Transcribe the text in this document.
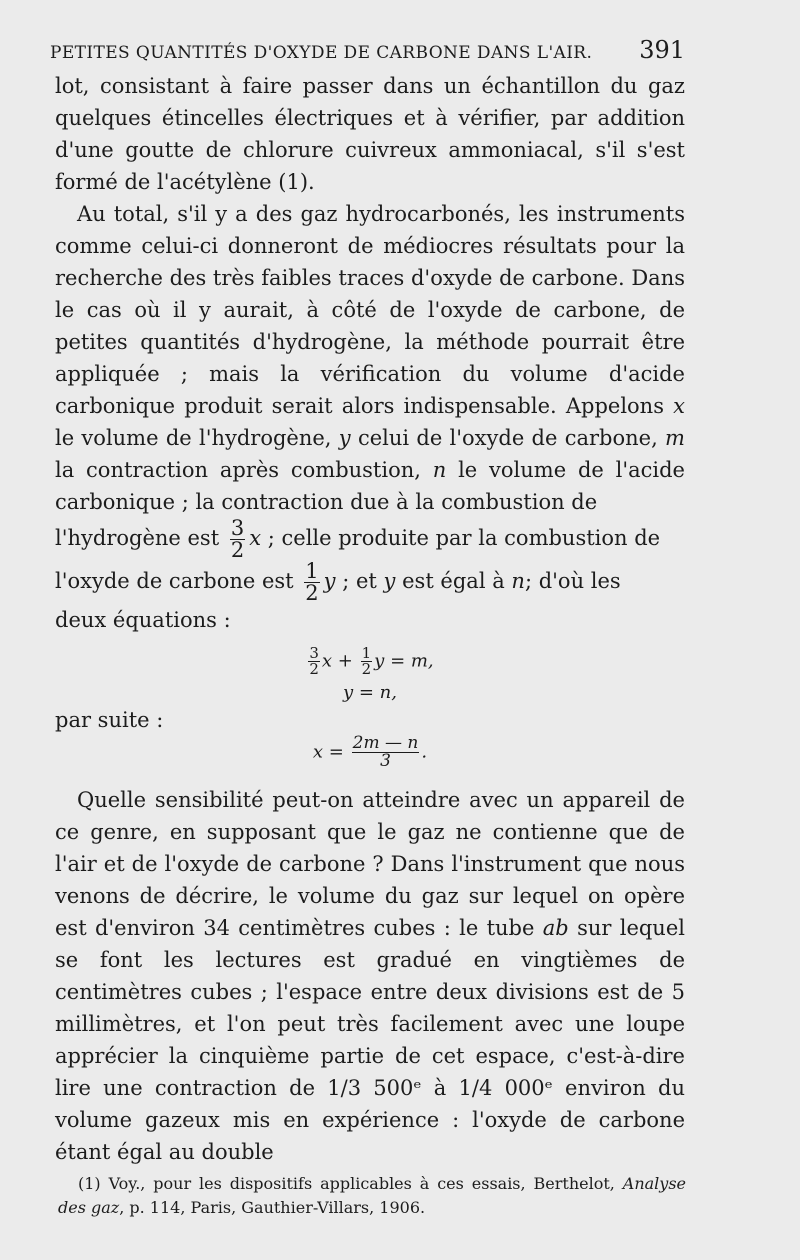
PETITES QUANTITÉS D'OXYDE DE CARBONE DANS L'AIR. 391

lot, consistant à faire passer dans un échantillon du gaz quelques étincelles électriques et à vérifier, par addition d'une goutte de chlorure cuivreux ammoniacal, s'il s'est formé de l'acétylène (1).

Au total, s'il y a des gaz hydrocarbonés, les instruments comme celui-ci donneront de médiocres résultats pour la recherche des très faibles traces d'oxyde de carbone. Dans le cas où il y aurait, à côté de l'oxyde de carbone, de petites quantités d'hydrogène, la méthode pourrait être appliquée ; mais la vérification du volume d'acide carbonique produit serait alors indispensable. Appelons x le volume de l'hydrogène, y celui de l'oxyde de carbone, m la contraction après combustion, n le volume de l'acide carbonique ; la contraction due à la combustion de

l'hydrogène est $\frac{3}{2}$ x ; celle produite par la combustion de

l'oxyde de carbone est $\frac{1}{2}$ y ; et y est égal à n; d'où les

deux équations :

$\frac{3}{2}$ $x + \frac{1}{2}$ y = m,
y = n,

par suite :

$x = \frac{2m — n}{3}$ .

Quelle sensibilité peut-on atteindre avec un appareil de ce genre, en supposant que le gaz ne contienne que de l'air et de l'oxyde de carbone ? Dans l'instrument que nous venons de décrire, le volume du gaz sur lequel on opère est d'environ 34 centimètres cubes : le tube ab sur lequel se font les lectures est gradué en vingtièmes de centimètres cubes ; l'espace entre deux divisions est de 5 millimètres, et l'on peut très facilement avec une loupe apprécier la cinquième partie de cet espace, c'est-à-dire lire une contraction de 1/3 500ᵉ à 1/4 000ᵉ environ du volume gazeux mis en expérience : l'oxyde de carbone étant égal au double

(1) Voy., pour les dispositifs applicables à ces essais, Berthelot, Analyse des gaz, p. 114, Paris, Gauthier-Villars, 1906.
